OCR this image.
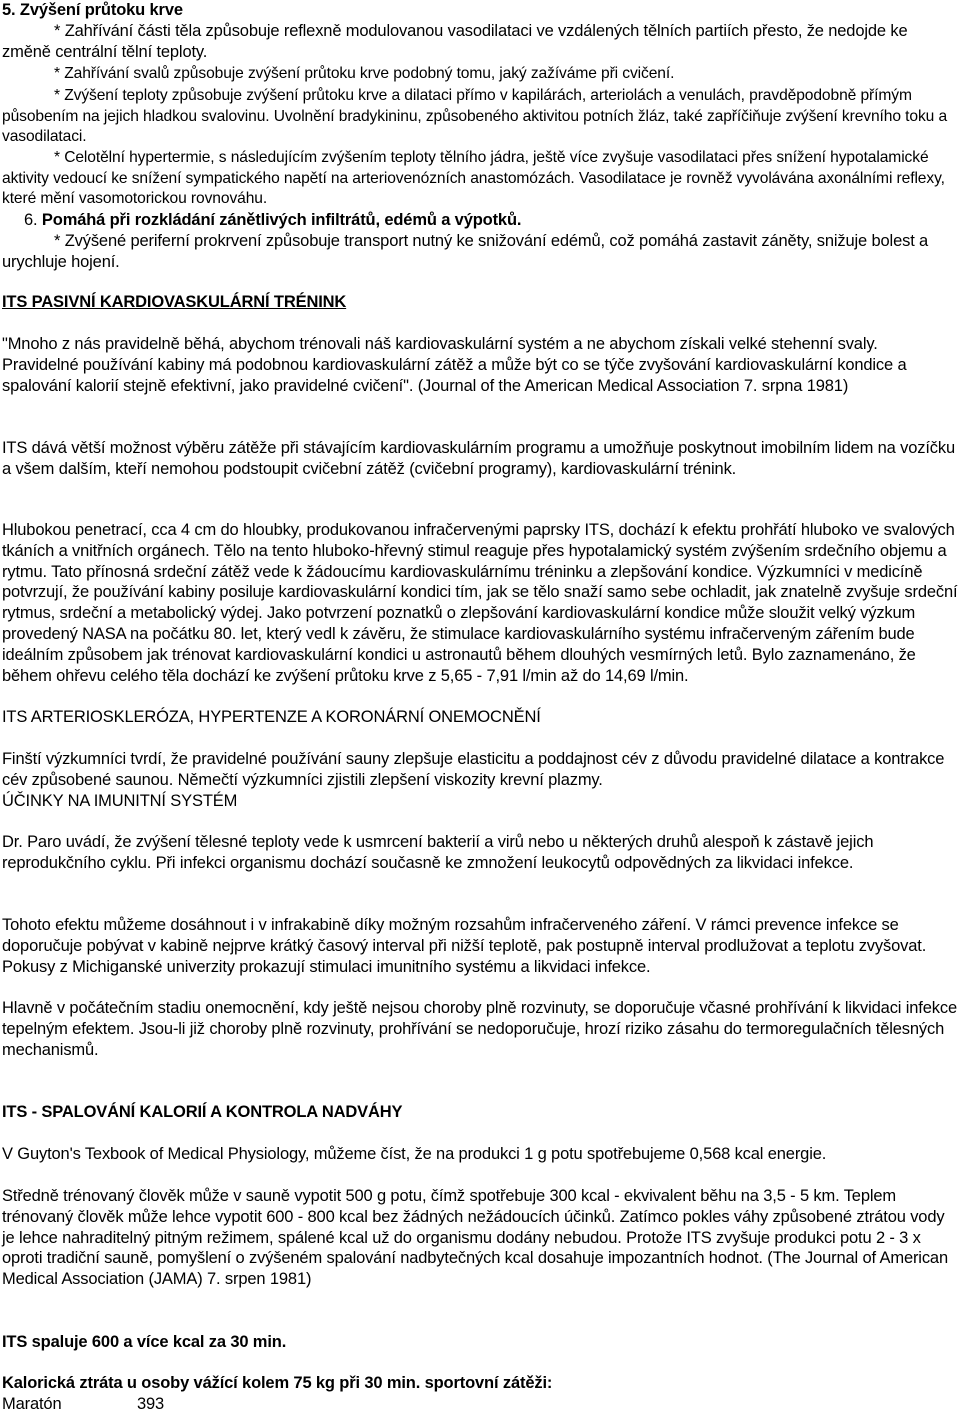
5. Zvýšení průtoku krve
* Zahřívání části těla způsobuje reflexně modulovanou vasodilataci ve vzdálených tělních partiích přesto, že nedojde ke změně centrální tělní teploty.
* Zahřívání svalů způsobuje zvýšení průtoku krve podobný tomu, jaký zažíváme při cvičení.
* Zvýšení teploty způsobuje zvýšení průtoku krve a dilataci přímo v kapilárách, arteriolách a venulách, pravděpodobně přímým působením na jejich hladkou svalovinu. Uvolnění bradykininu, způsobeného aktivitou potních žláz, také zapříčiňuje zvýšení krevního toku a vasodilataci.
* Celotělní hypertermie, s následujícím zvýšením teploty tělního jádra, ještě více zvyšuje vasodilataci přes snížení hypotalamické aktivity vedoucí ke snížení sympatického napětí na arteriovenózních anastomózách. Vasodilatace je rovněž vyvolávána axonálními reflexy, které mění vasomotorickou rovnováhu.
6. Pomáhá při rozkládání zánětlivých infiltrátů, edémů a výpotků.
* Zvýšené periferní prokrvení způsobuje transport nutný ke snižování edémů, což pomáhá zastavit záněty, snižuje bolest a urychluje hojení.
ITS PASIVNÍ KARDIOVASKULÁRNÍ TRÉNINK
"Mnoho z nás pravidelně běhá, abychom trénovali náš kardiovaskulární systém a ne abychom získali velké stehenní svaly. Pravidelné používání kabiny má podobnou kardiovaskulární zátěž a může být co se týče zvyšování kardiovaskulární kondice a spalování kalorií stejně efektivní, jako pravidelné cvičení". (Journal of the American Medical Association 7. srpna 1981)
ITS dává větší možnost výběru zátěže při stávajícím kardiovaskulárním programu a umožňuje poskytnout imobilním lidem na vozíčku a všem dalším, kteří nemohou podstoupit cvičební zátěž (cvičební programy), kardiovaskulární trénink.
Hlubokou penetrací, cca 4 cm do hloubky, produkovanou infračervenými paprsky ITS, dochází k efektu prohřátí hluboko ve svalových tkáních a vnitřních orgánech. Tělo na tento hluboko-hřevný stimul reaguje přes hypotalamický systém zvýšením srdečního objemu a rytmu. Tato přínosná srdeční zátěž vede k žádoucímu kardiovaskulárnímu tréninku a zlepšování kondice. Výzkumníci v medicíně potvrzují, že používání kabiny posiluje kardiovaskulární kondici tím, jak se tělo snaží samo sebe ochladit, jak znatelně zvyšuje srdeční rytmus, srdeční a metabolický výdej. Jako potvrzení poznatků o zlepšování kardiovaskulární kondice může sloužit velký výzkum provedený NASA na počátku 80. let, který vedl k závěru, že stimulace kardiovaskulárního systému infračerveným zářením bude ideálním způsobem jak trénovat kardiovaskulární kondici u astronautů během dlouhých vesmírných letů. Bylo zaznamenáno, že během ohřevu celého těla dochází ke zvýšení průtoku krve z 5,65 - 7,91 l/min až do 14,69 l/min.
ITS ARTERIOSKLERÓZA, HYPERTENZE A KORONÁRNÍ ONEMOCNĚNÍ
Finští výzkumníci tvrdí, že pravidelné používání sauny zlepšuje elasticitu a poddajnost cév z důvodu pravidelné dilatace a kontrakce cév způsobené saunou. Němečtí výzkumníci zjistili zlepšení viskozity krevní plazmy.
ÚČINKY NA IMUNITNÍ SYSTÉM
Dr. Paro uvádí, že zvýšení tělesné teploty vede k usmrcení bakterií a virů nebo u některých druhů alespoň k zástavě jejich reprodukčního cyklu. Při infekci organismu dochází současně ke zmnožení leukocytů odpovědných za likvidaci infekce.
Tohoto efektu můžeme dosáhnout i v infrakabině díky možným rozsahům infračerveného záření. V rámci prevence infekce se doporučuje pobývat v kabině nejprve krátký časový interval při nižší teplotě, pak postupně interval prodlužovat a teplotu zvyšovat. Pokusy z Michiganské univerzity prokazují stimulaci imunitního systému a likvidaci infekce.
Hlavně v počátečním stadiu onemocnění, kdy ještě nejsou choroby plně rozvinuty, se doporučuje včasné prohřívání k likvidaci infekce tepelným efektem. Jsou-li již choroby plně rozvinuty, prohřívání se nedoporučuje, hrozí riziko zásahu do termoregulačních tělesných mechanismů.
ITS - SPALOVÁNÍ KALORIÍ A KONTROLA NADVÁHY
V Guyton's Texbook of Medical Physiology, můžeme číst, že na produkci 1 g potu spotřebujeme 0,568 kcal energie.
Středně trénovaný člověk může v sauně vypotit 500 g potu, čímž spotřebuje 300 kcal - ekvivalent běhu na 3,5 - 5 km. Teplem trénovaný člověk může lehce vypotit 600 - 800 kcal bez žádných nežádoucích účinků. Zatímco pokles váhy způsobené ztrátou vody je lehce nahraditelný pitným režimem, spálené kcal už do organismu dodány nebudou. Protože ITS zvyšuje produkci potu 2 - 3 x oproti tradiční sauně, pomyšlení o zvýšeném spalování nadbytečných kcal dosahuje impozantních hodnot. (The Journal of American Medical Association (JAMA) 7. srpen 1981)
ITS spaluje 600 a více kcal za 30 min.
Kalorická ztráta u osoby vážící kolem 75 kg při 30 min. sportovní zátěži:
Maratón	393
